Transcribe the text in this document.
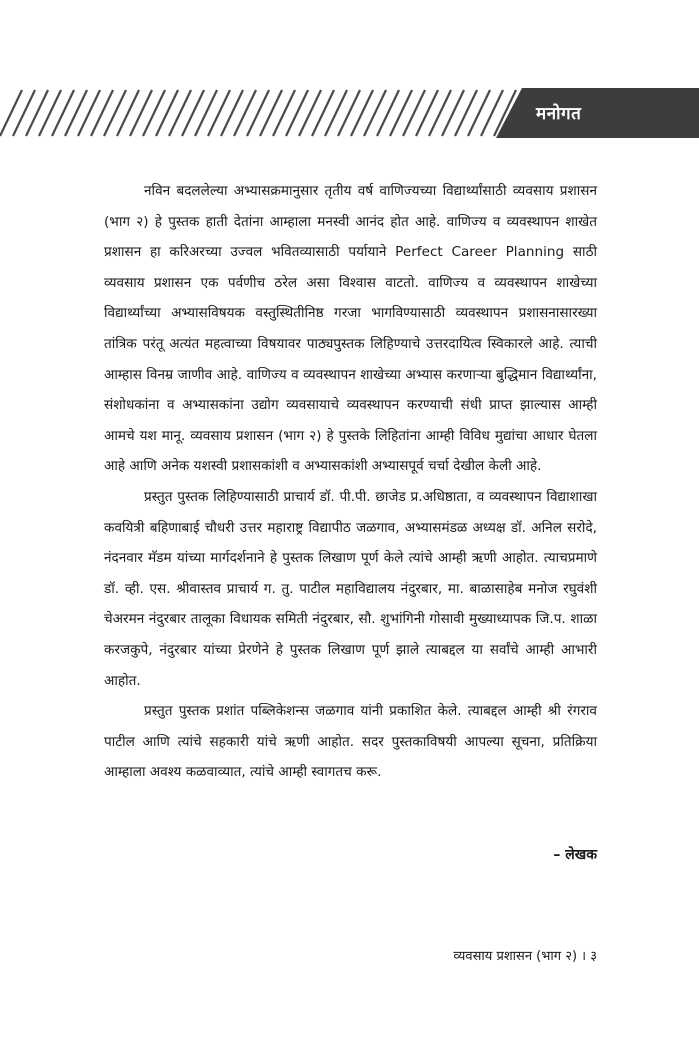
मनोगत

नविन बदललेल्या अभ्यासक्रमानुसार तृतीय वर्ष वाणिज्यच्या विद्यार्थ्यांसाठी व्यवसाय प्रशासन (भाग २) हे पुस्तक हाती देतांना आम्हाला मनस्वी आनंद होत आहे. वाणिज्य व व्यवस्थापन शाखेत प्रशासन हा करिअरच्या उज्वल भवितव्यासाठी पर्यायाने Perfect Career Planning साठी व्यवसाय प्रशासन एक पर्वणीच ठरेल असा विश्वास वाटतो. वाणिज्य व व्यवस्थापन शाखेच्या विद्यार्थ्यांच्या अभ्यासविषयक वस्तुस्थितीनिष्ठ गरजा भागविण्यासाठी व्यवस्थापन प्रशासनासारख्या तांत्रिक परंतू अत्यंत महत्वाच्या विषयावर पाठ्यपुस्तक लिहिण्याचे उत्तरदायित्व स्विकारले आहे. त्याची आम्हास विनम्र जाणीव आहे. वाणिज्य व व्यवस्थापन शाखेच्या अभ्यास करणाऱ्या बुद्धिमान विद्यार्थ्यांना, संशोधकांना व अभ्यासकांना उद्योग व्यवसायाचे व्यवस्थापन करण्याची संधी प्राप्त झाल्यास आम्ही आमचे यश मानू. व्यवसाय प्रशासन (भाग २) हे पुस्तके लिहितांना आम्ही विविध मुद्यांचा आधार घेतला आहे आणि अनेक यशस्वी प्रशासकांशी व अभ्यासकांशी अभ्यासपूर्व चर्चा देखील केली आहे.

प्रस्तुत पुस्तक लिहिण्यासाठी प्राचार्य डॉ. पी.पी. छाजेड प्र.अधिष्ठाता, व व्यवस्थापन विद्याशाखा कवयित्री बहिणाबाई चौधरी उत्तर महाराष्ट्र विद्यापीठ जळगाव, अभ्यासमंडळ अध्यक्ष डॉ. अनिल सरोदे, नंदनवार मॅडम यांच्या मार्गदर्शनाने हे पुस्तक लिखाण पूर्ण केले त्यांचे आम्ही ऋणी आहोत. त्याचप्रमाणे डॉ. व्ही. एस. श्रीवास्तव प्राचार्य ग. तु. पाटील महाविद्यालय नंदुरबार, मा. बाळासाहेब मनोज रघुवंशी चेअरमन नंदुरबार तालूका विधायक समिती नंदुरबार, सौ. शुभांगिनी गोसावी मुख्याध्यापक जि.प. शाळा करजकुपे, नंदुरबार यांच्या प्रेरणेने हे पुस्तक लिखाण पूर्ण झाले त्याबद्दल या सर्वांचे आम्ही आभारी आहोत.

प्रस्तुत पुस्तक प्रशांत पब्लिकेशन्स जळगाव यांनी प्रकाशित केले. त्याबद्दल आम्ही श्री रंगराव पाटील आणि त्यांचे सहकारी यांचे ऋणी आहोत. सदर पुस्तकाविषयी आपल्या सूचना, प्रतिक्रिया आम्हाला अवश्य कळवाव्यात, त्यांचे आम्ही स्वागतच करू.

– लेखक
व्यवसाय प्रशासन (भाग २) । ३
